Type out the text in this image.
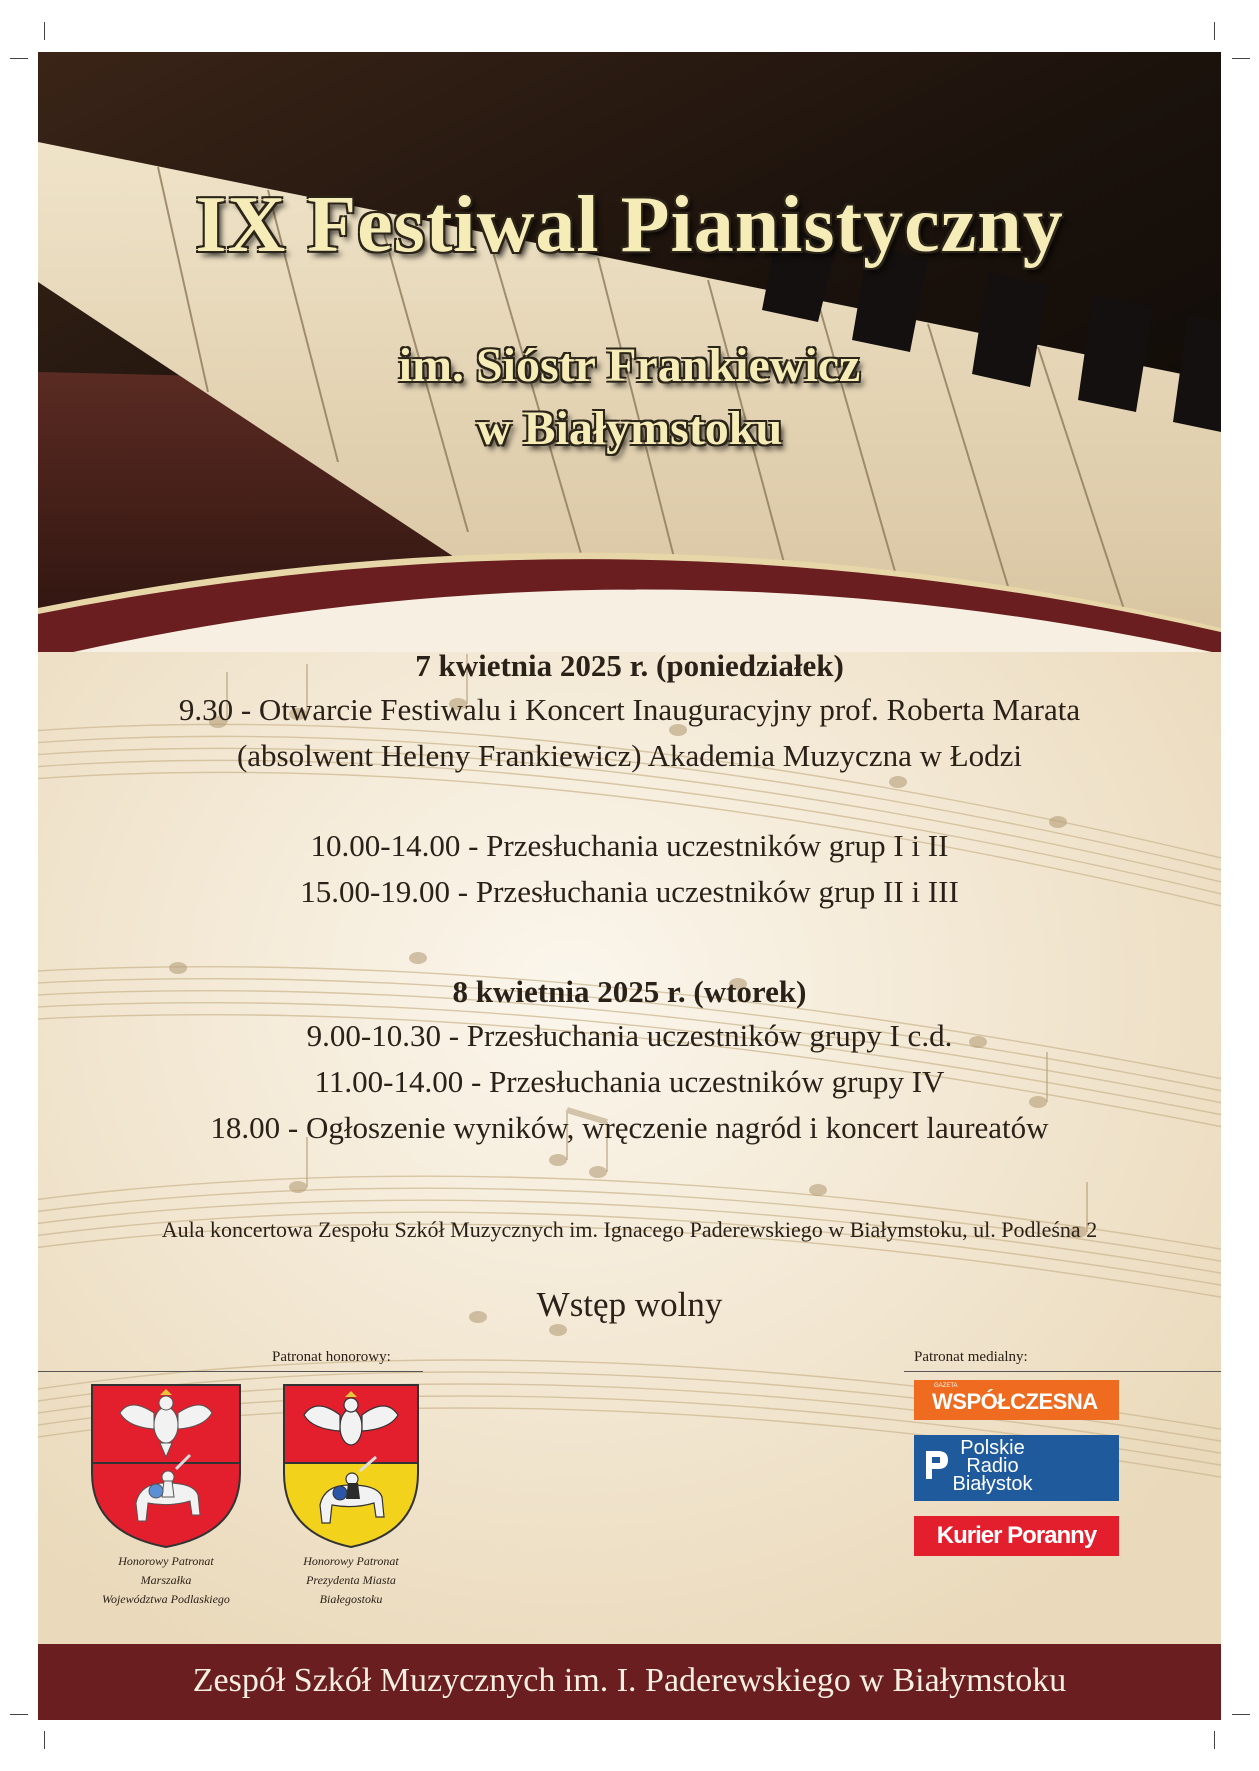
IX Festiwal Pianistyczny
im. Sióstr Frankiewicz
w Białymstoku
7 kwietnia 2025 r. (poniedziałek)
9.30 - Otwarcie Festiwalu i Koncert Inauguracyjny prof. Roberta Marata
(absolwent Heleny Frankiewicz) Akademia Muzyczna w Łodzi
10.00-14.00 - Przesłuchania uczestników grup I i II
15.00-19.00 - Przesłuchania uczestników grup II i III
8 kwietnia 2025 r. (wtorek)
9.00-10.30 - Przesłuchania uczestników grupy I c.d.
11.00-14.00 - Przesłuchania uczestników grupy IV
18.00 - Ogłoszenie wyników, wręczenie nagród i koncert laureatów
Aula koncertowa Zespołu Szkół Muzycznych im. Ignacego Paderewskiego w Białymstoku, ul. Podleśna 2
Wstęp wolny
Patronat honorowy:	Patronat medialny:
Honorowy Patronat
Marszałka
Województwa Podlaskiego
Honorowy Patronat
Prezydenta Miasta
Białegostoku
GAZETA
WSPÓŁCZESNA
Polskie
Radio
Białystok
Kurier Poranny
Zespół Szkół Muzycznych im. I. Paderewskiego w Białymstoku
